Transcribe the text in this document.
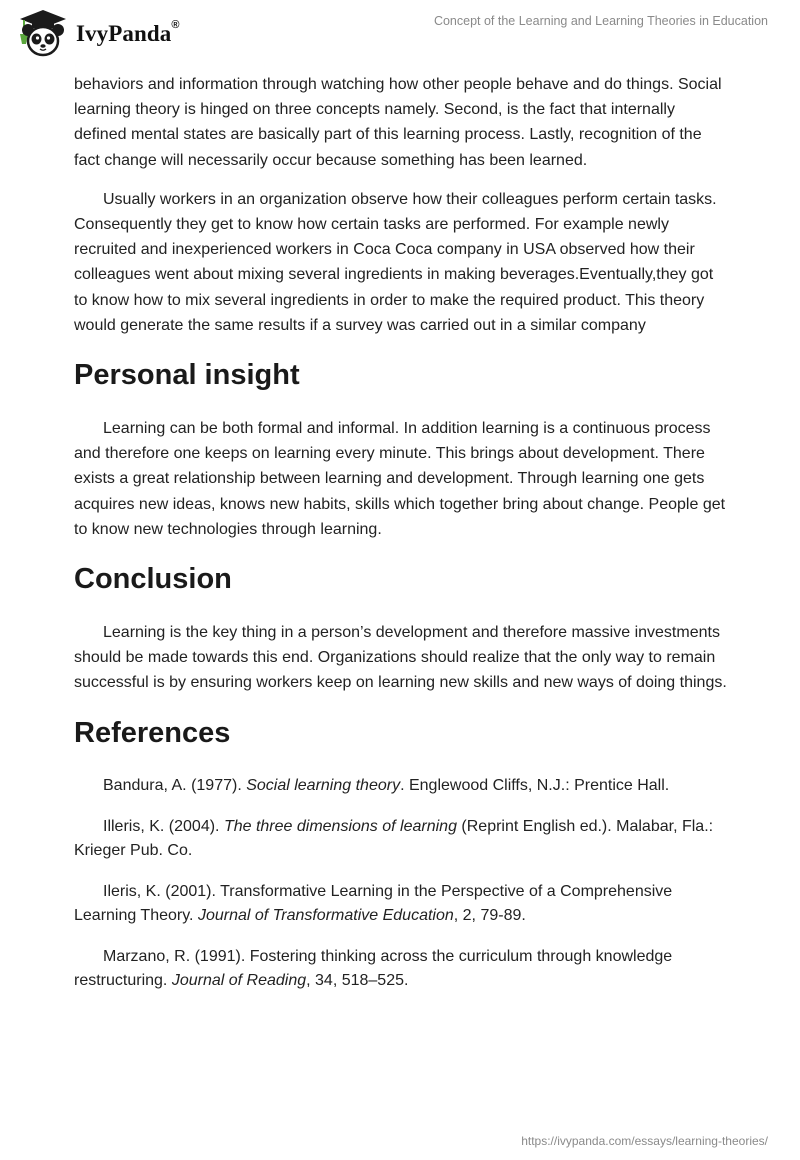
IvyPanda®	Concept of the Learning and Learning Theories in Education

behaviors and information through watching how other people behave and do things. Social learning theory is hinged on three concepts namely. Second, is the fact that internally defined mental states are basically part of this learning process. Lastly, recognition of the fact change will necessarily occur because something has been learned.

Usually workers in an organization observe how their colleagues perform certain tasks. Consequently they get to know how certain tasks are performed. For example newly recruited and inexperienced workers in Coca Coca company in USA observed how their colleagues went about mixing several ingredients in making beverages.Eventually,they got to know how to mix several ingredients in order to make the required product. This theory would generate the same results if a survey was carried out in a similar company

Personal insight

Learning can be both formal and informal. In addition learning is a continuous process and therefore one keeps on learning every minute. This brings about development. There exists a great relationship between learning and development. Through learning one gets acquires new ideas, knows new habits, skills which together bring about change. People get to know new technologies through learning.

Conclusion

Learning is the key thing in a person’s development and therefore massive investments should be made towards this end. Organizations should realize that the only way to remain successful is by ensuring workers keep on learning new skills and new ways of doing things.

References

Bandura, A. (1977). Social learning theory. Englewood Cliffs, N.J.: Prentice Hall.

Illeris, K. (2004). The three dimensions of learning (Reprint English ed.). Malabar, Fla.: Krieger Pub. Co.

Ileris, K. (2001). Transformative Learning in the Perspective of a Comprehensive Learning Theory. Journal of Transformative Education, 2, 79-89.

Marzano, R. (1991). Fostering thinking across the curriculum through knowledge restructuring. Journal of Reading, 34, 518–525.

https://ivypanda.com/essays/learning-theories/
